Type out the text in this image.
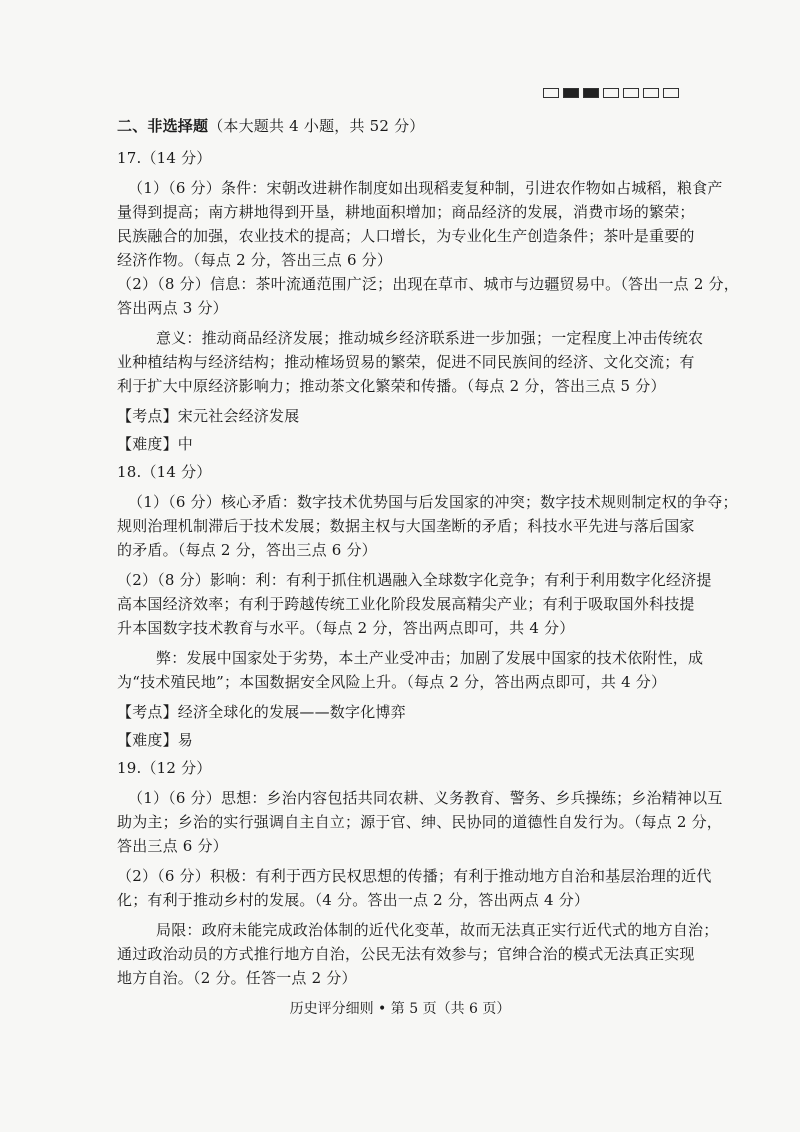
二、非选择题（本大题共 4 小题，共 52 分）
17.（14 分）
（1）（6 分）条件：宋朝改进耕作制度如出现稻麦复种制，引进农作物如占城稻，粮食产
量得到提高；南方耕地得到开垦，耕地面积增加；商品经济的发展，消费市场的繁荣；
民族融合的加强，农业技术的提高；人口增长，为专业化生产创造条件；茶叶是重要的
经济作物。（每点 2 分，答出三点 6 分）
（2）（8 分）信息：茶叶流通范围广泛；出现在草市、城市与边疆贸易中。（答出一点 2 分，
答出两点 3 分）
意义：推动商品经济发展；推动城乡经济联系进一步加强；一定程度上冲击传统农
业种植结构与经济结构；推动榷场贸易的繁荣，促进不同民族间的经济、文化交流；有
利于扩大中原经济影响力；推动茶文化繁荣和传播。（每点 2 分，答出三点 5 分）
【考点】宋元社会经济发展
【难度】中
18.（14 分）
（1）（6 分）核心矛盾：数字技术优势国与后发国家的冲突；数字技术规则制定权的争夺；
规则治理机制滞后于技术发展；数据主权与大国垄断的矛盾；科技水平先进与落后国家
的矛盾。（每点 2 分，答出三点 6 分）
（2）（8 分）影响：利：有利于抓住机遇融入全球数字化竞争；有利于利用数字化经济提
高本国经济效率；有利于跨越传统工业化阶段发展高精尖产业；有利于吸取国外科技提
升本国数字技术教育与水平。（每点 2 分，答出两点即可，共 4 分）
弊：发展中国家处于劣势，本土产业受冲击；加剧了发展中国家的技术依附性，成
为“技术殖民地”；本国数据安全风险上升。（每点 2 分，答出两点即可，共 4 分）
【考点】经济全球化的发展——数字化博弈
【难度】易
19.（12 分）
（1）（6 分）思想：乡治内容包括共同农耕、义务教育、警务、乡兵操练；乡治精神以互
助为主；乡治的实行强调自主自立；源于官、绅、民协同的道德性自发行为。（每点 2 分，
答出三点 6 分）
（2）（6 分）积极：有利于西方民权思想的传播；有利于推动地方自治和基层治理的近代
化；有利于推动乡村的发展。（4 分。答出一点 2 分，答出两点 4 分）
局限：政府未能完成政治体制的近代化变革，故而无法真正实行近代式的地方自治；
通过政治动员的方式推行地方自治，公民无法有效参与；官绅合治的模式无法真正实现
地方自治。（2 分。任答一点 2 分）
历史评分细则 • 第 5 页（共 6 页）
